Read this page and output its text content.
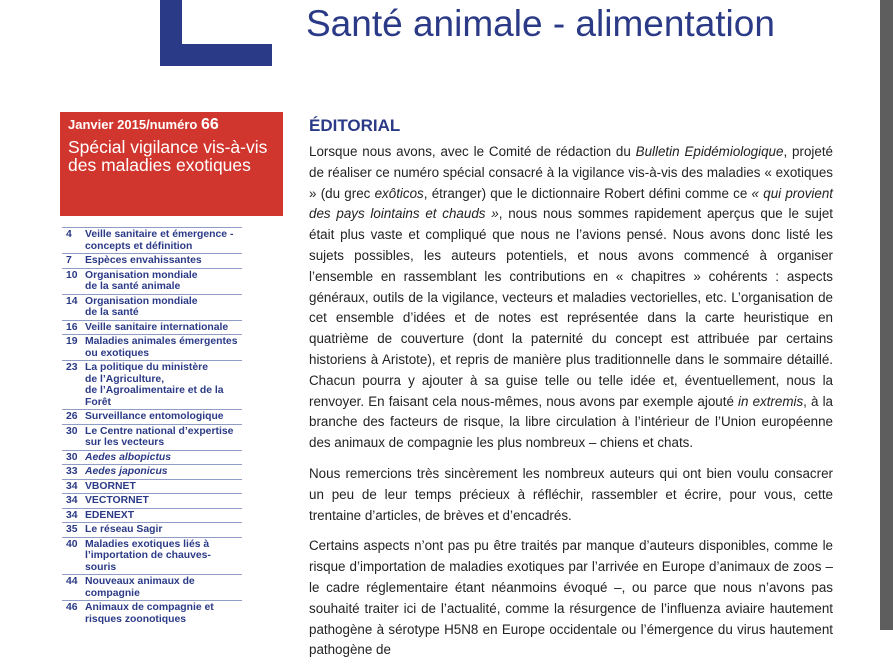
Santé animale - alimentation
Janvier 2015/numéro 66
Spécial vigilance vis-à-vis des maladies exotiques
4	Veille sanitaire et émergence -
concepts et définition
7	Espèces envahissantes
10 Organisation mondiale
de la santé animale
14 Organisation mondiale
de la santé
16 Veille sanitaire internationale
19 Maladies animales émergentes
ou exotiques
23 La politique du ministère
de l’Agriculture,
de l’Agroalimentaire et de la Forêt
26 Surveillance entomologique
30 Le Centre national d’expertise
sur les vecteurs
30 Aedes albopictus
33 Aedes japonicus
34 VBORNET
34 VECTORNET
34 EDENEXT
35 Le réseau Sagir
40 Maladies exotiques liés à
l’importation de chauves-souris
44 Nouveaux animaux de
compagnie
46 Animaux de compagnie et
risques zoonotiques
ÉDITORIAL

Lorsque nous avons, avec le Comité de rédaction du Bulletin Epidémiologique, projeté de réaliser ce numéro spécial consacré à la vigilance vis-à-vis des maladies « exotiques » (du grec exôticos, étranger) que le dictionnaire Robert défini comme ce « qui provient des pays lointains et chauds », nous nous sommes rapidement aperçus que le sujet était plus vaste et compliqué que nous ne l’avions pensé. Nous avons donc listé les sujets possibles, les auteurs potentiels, et nous avons commencé à organiser l’ensemble en rassemblant les contributions en « chapitres » cohérents : aspects généraux, outils de la vigilance, vecteurs et maladies vectorielles, etc. L’organisation de cet ensemble d’idées et de notes est représentée dans la carte heuristique en quatrième de couverture (dont la paternité du concept est attribuée par certains historiens à Aristote), et repris de manière plus traditionnelle dans le sommaire détaillé. Chacun pourra y ajouter à sa guise telle ou telle idée et, éventuellement, nous la renvoyer. En faisant cela nous-mêmes, nous avons par exemple ajouté in extremis, à la branche des facteurs de risque, la libre circulation à l’intérieur de l’Union européenne des animaux de compagnie les plus nombreux – chiens et chats.

Nous remercions très sincèrement les nombreux auteurs qui ont bien voulu consacrer un peu de leur temps précieux à réfléchir, rassembler et écrire, pour vous, cette trentaine d’articles, de brèves et d’encadrés.

Certains aspects n’ont pas pu être traités par manque d’auteurs disponibles, comme le risque d’importation de maladies exotiques par l’arrivée en Europe d’animaux de zoos – le cadre réglementaire étant néanmoins évoqué –, ou parce que nous n’avons pas souhaité traiter ici de l’actualité, comme la résurgence de l’influenza aviaire hautement pathogène à sérotype H5N8 en Europe occidentale ou l’émergence du virus hautement pathogène de
